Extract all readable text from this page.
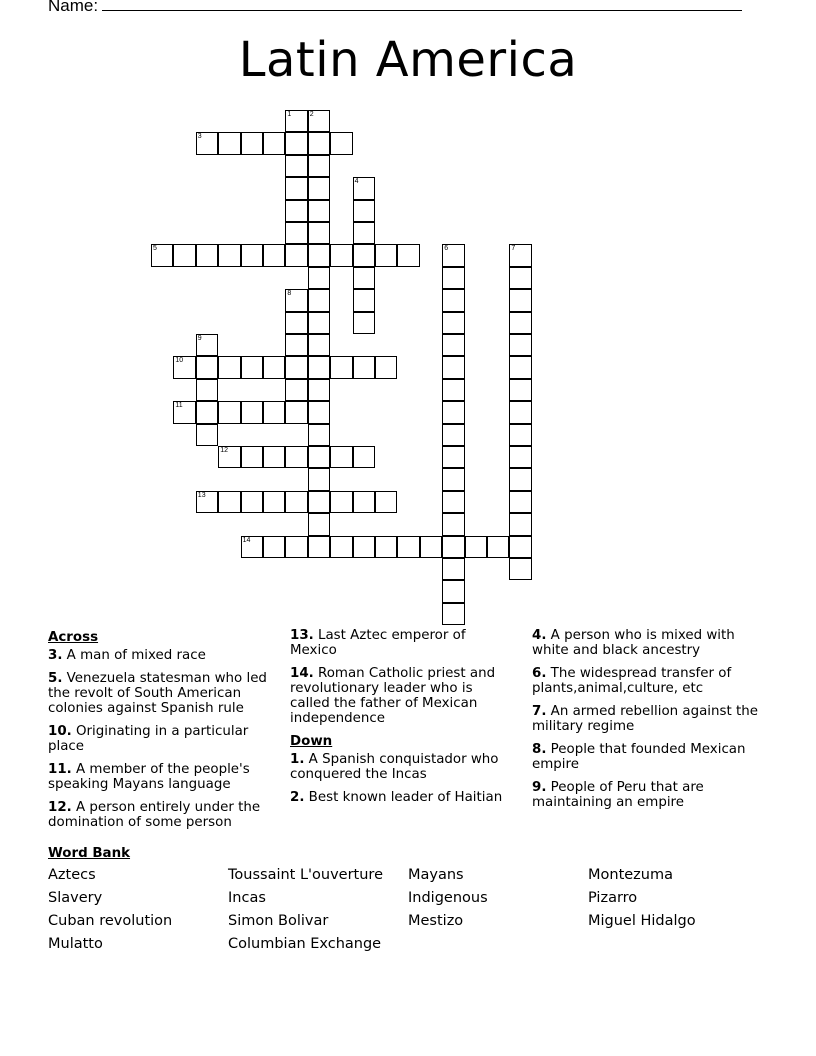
Name:
Latin America
1	2
3
4
5	6	7
8
9
10
11
12
13
14
Across
3. A man of mixed race
5. Venezuela statesman who led the revolt of South American colonies against Spanish rule
10. Originating in a particular place
11. A member of the people's speaking Mayans language
12. A person entirely under the domination of some person
13. Last Aztec emperor of Mexico
14. Roman Catholic priest and revolutionary leader who is called the father of Mexican independence
Down
1. A Spanish conquistador who conquered the Incas
2. Best known leader of Haitian
4. A person who is mixed with white and black ancestry
6. The widespread transfer of plants,animal,culture, etc
7. An armed rebellion against the military regime
8. People that founded Mexican empire
9. People of Peru that are maintaining an empire
Word Bank
Aztecs	Toussaint L'ouverture	Mayans	Montezuma
Slavery	Incas	Indigenous	Pizarro
Cuban revolution	Simon Bolivar	Mestizo	Miguel Hidalgo
Mulatto	Columbian Exchange
